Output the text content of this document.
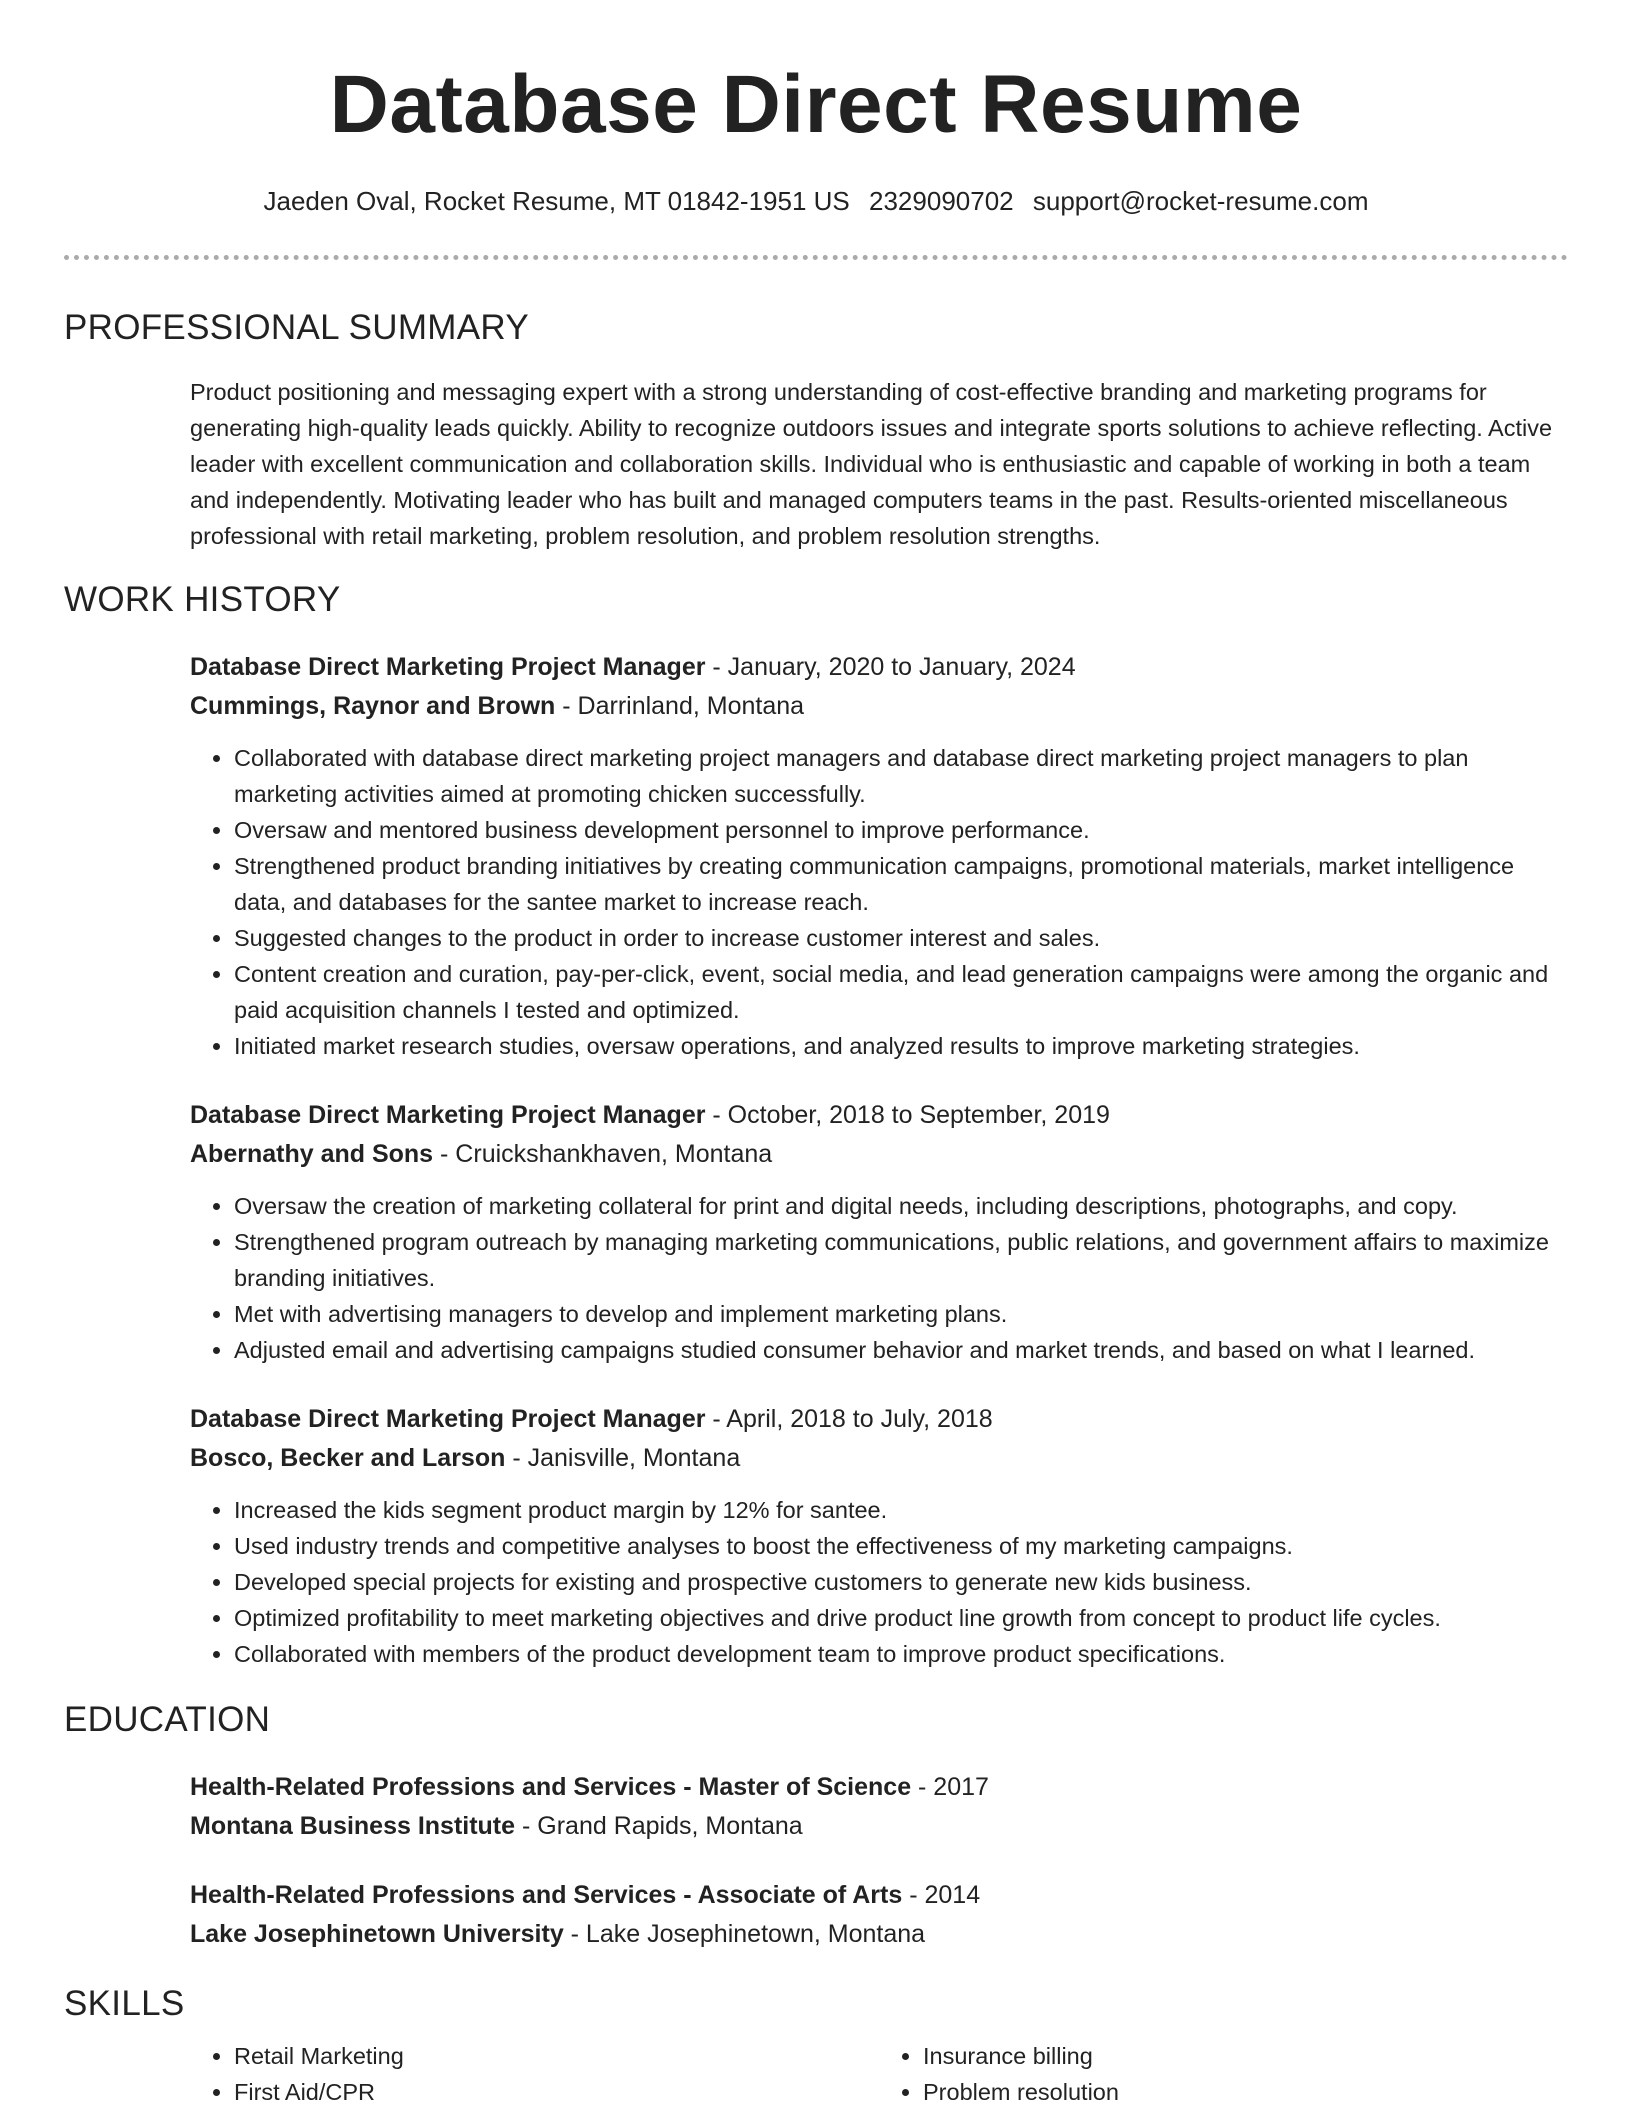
Database Direct Resume
Jaeden Oval, Rocket Resume, MT 01842-1951 US 2329090702 support@rocket-resume.com
PROFESSIONAL SUMMARY

Product positioning and messaging expert with a strong understanding of cost-effective branding and marketing programs for generating high-quality leads quickly. Ability to recognize outdoors issues and integrate sports solutions to achieve reflecting. Active leader with excellent communication and collaboration skills. Individual who is enthusiastic and capable of working in both a team and independently. Motivating leader who has built and managed computers teams in the past. Results-oriented miscellaneous professional with retail marketing, problem resolution, and problem resolution strengths.

WORK HISTORY
Database Direct Marketing Project Manager - January, 2020 to January, 2024
Cummings, Raynor and Brown - Darrinland, Montana
• Collaborated with database direct marketing project managers and database direct marketing project managers to plan marketing activities aimed at promoting chicken successfully.
• Oversaw and mentored business development personnel to improve performance.
• Strengthened product branding initiatives by creating communication campaigns, promotional materials, market intelligence data, and databases for the santee market to increase reach.
• Suggested changes to the product in order to increase customer interest and sales.
• Content creation and curation, pay-per-click, event, social media, and lead generation campaigns were among the organic and paid acquisition channels I tested and optimized.
• Initiated market research studies, oversaw operations, and analyzed results to improve marketing strategies.
Database Direct Marketing Project Manager - October, 2018 to September, 2019
Abernathy and Sons - Cruickshankhaven, Montana
• Oversaw the creation of marketing collateral for print and digital needs, including descriptions, photographs, and copy.
• Strengthened program outreach by managing marketing communications, public relations, and government affairs to maximize branding initiatives.
• Met with advertising managers to develop and implement marketing plans.
• Adjusted email and advertising campaigns studied consumer behavior and market trends, and based on what I learned.
Database Direct Marketing Project Manager - April, 2018 to July, 2018
Bosco, Becker and Larson - Janisville, Montana
• Increased the kids segment product margin by 12% for santee.
• Used industry trends and competitive analyses to boost the effectiveness of my marketing campaigns.
• Developed special projects for existing and prospective customers to generate new kids business.
• Optimized profitability to meet marketing objectives and drive product line growth from concept to product life cycles.
• Collaborated with members of the product development team to improve product specifications.
EDUCATION
Health-Related Professions and Services - Master of Science - 2017
Montana Business Institute - Grand Rapids, Montana
Health-Related Professions and Services - Associate of Arts - 2014
Lake Josephinetown University - Lake Josephinetown, Montana
SKILLS
• Retail Marketing
• First Aid/CPR
• Insurance billing
• Problem resolution
